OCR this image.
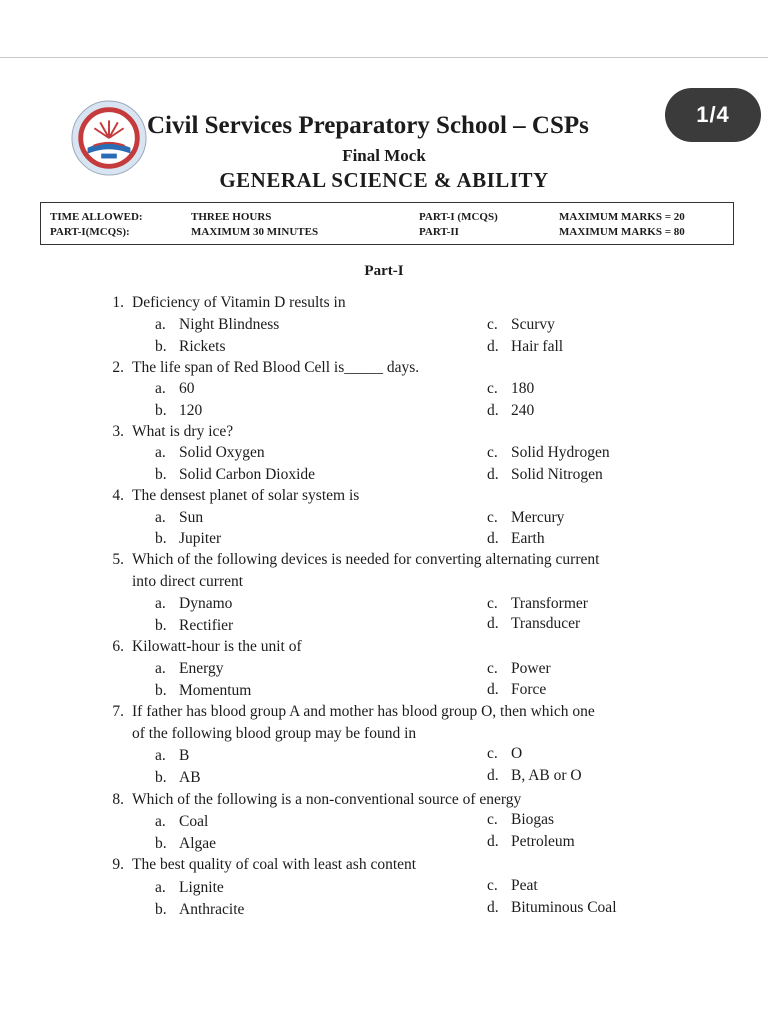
1/4
Civil Services Preparatory School – CSPs
Final Mock
GENERAL SCIENCE & ABILITY
TIME ALLOWED:	THREE HOURS
PART-I(MCQS):	MAXIMUM 30 MINUTES
PART-I (MCQS)	MAXIMUM MARKS = 20
PART-II	MAXIMUM MARKS = 80
Part-I
1. Deficiency of Vitamin D results in
a. Night Blindness
b. Rickets
c. Scurvy
d. Hair fall
2. The life span of Red Blood Cell is_____ days.
a. 60
b. 120
c. 180
d. 240
3. What is dry ice?
a. Solid Oxygen
b. Solid Carbon Dioxide
c. Solid Hydrogen
d. Solid Nitrogen
4. The densest planet of solar system is
a. Sun
b. Jupiter
c. Mercury
d. Earth
5. Which of the following devices is needed for converting alternating current
into direct current
a. Dynamo
b. Rectifier
c. Transformer
d. Transducer
6. Kilowatt-hour is the unit of
a. Energy
b. Momentum
c. Power
d. Force
7. If father has blood group A and mother has blood group O, then which one
of the following blood group may be found in
a. B
b. AB
c. O
d. B, AB or O
8. Which of the following is a non-conventional source of energy
a. Coal
b. Algae
c. Biogas
d. Petroleum
9. The best quality of coal with least ash content
a. Lignite
b. Anthracite
c. Peat
d. Bituminous Coal
